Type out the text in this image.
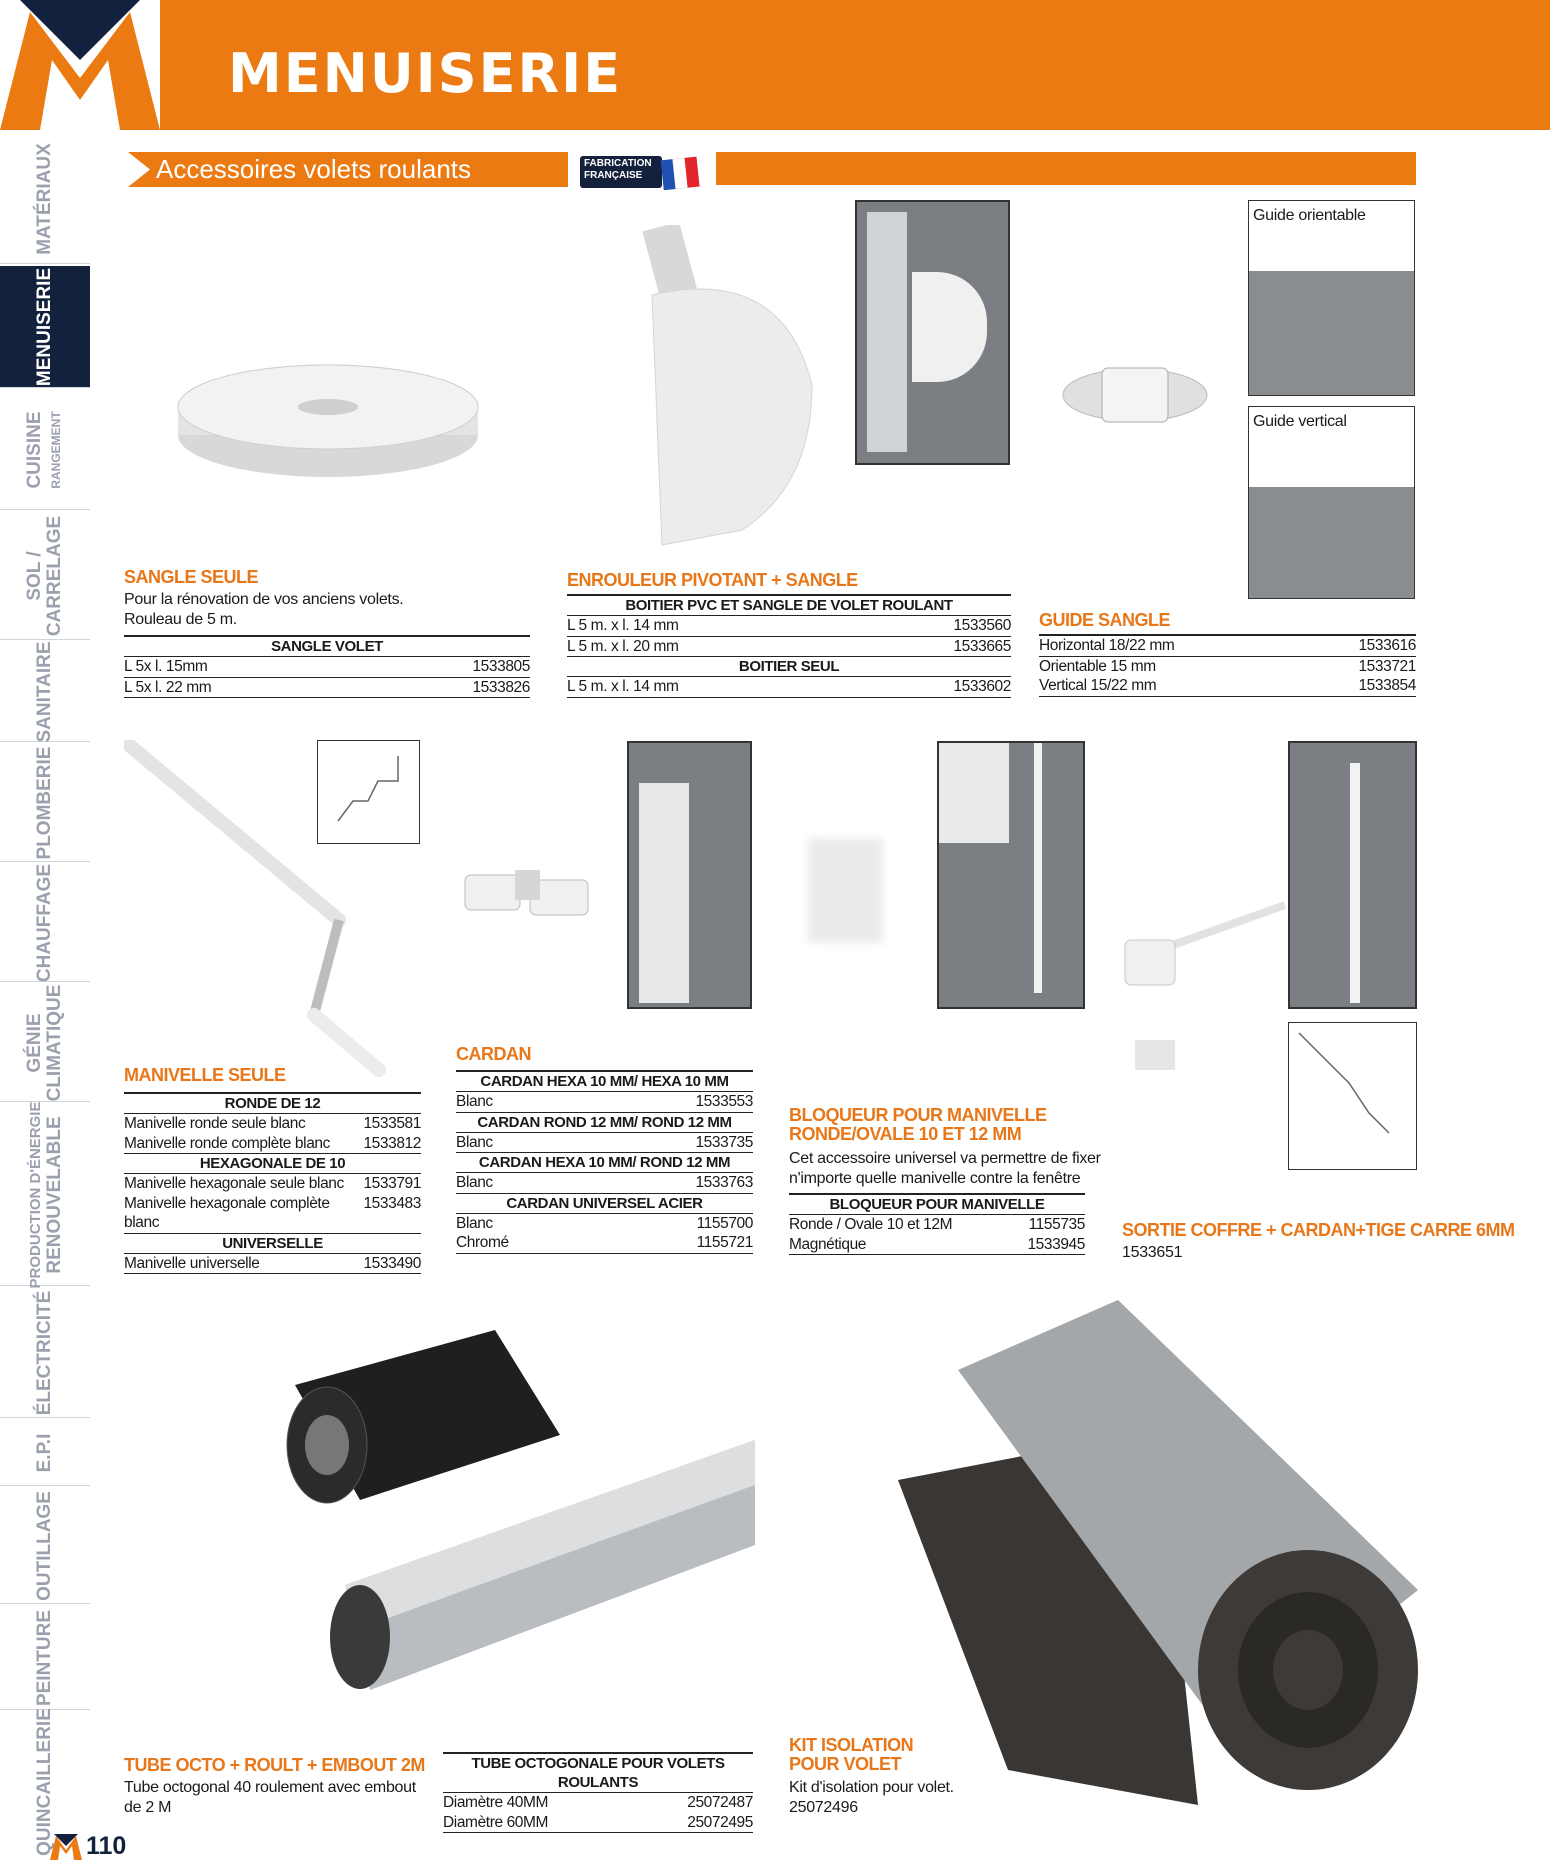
MENUISERIE
MATÉRIAUX
MENUISERIE
CUISINE RANGEMENT
SOL /
CARRELAGE
SANITAIRE
PLOMBERIE
CHAUFFAGE
GÉNIE
CLIMATIQUE
PRODUCTION D'ÉNERGIE
RENOUVELABLE
ÉLECTRICITÉ
E.P.I
OUTILLAGE
PEINTURE
QUINCAILLERIE
Accessoires volets roulants	FABRICATION
FRANÇAISE
Guide orientable
Guide vertical
SANGLE SEULE
Pour la rénovation de vos anciens volets.
Rouleau de 5 m.
SANGLE VOLET
L 5x l. 15mm	1533805
L 5x l. 22 mm	1533826
ENROULEUR PIVOTANT + SANGLE
BOITIER PVC ET SANGLE DE VOLET ROULANT
L 5 m. x l. 14 mm	1533560
L 5 m. x l. 20 mm	1533665
BOITIER SEUL
L 5 m. x l. 14 mm	1533602
GUIDE SANGLE
Horizontal 18/22 mm	1533616
Orientable 15 mm	1533721
Vertical 15/22 mm	1533854
MANIVELLE SEULE
RONDE DE 12
Manivelle ronde seule blanc	1533581
Manivelle ronde complète blanc 1533812
HEXAGONALE DE 10
Manivelle hexagonale seule blanc 1533791
Manivelle hexagonale complète blanc
1533483
UNIVERSELLE
Manivelle universelle	1533490
CARDAN
CARDAN HEXA 10 MM/ HEXA 10 MM
Blanc	1533553
CARDAN ROND 12 MM/ ROND 12 MM
Blanc	1533735
CARDAN HEXA 10 MM/ ROND 12 MM
Blanc	1533763
CARDAN UNIVERSEL ACIER
Blanc	1155700
Chromé	1155721
BLOQUEUR POUR MANIVELLE
RONDE/OVALE 10 ET 12 MM
Cet accessoire universel va permettre de fixer
n'importe quelle manivelle contre la fenêtre
BLOQUEUR POUR MANIVELLE
Ronde / Ovale 10 et 12M	1155735
Magnétique	1533945
SORTIE COFFRE + CARDAN+TIGE CARRE 6MM
1533651
TUBE OCTO + ROULT + EMBOUT 2M
Tube octogonal 40 roulement avec embout
de 2 M
TUBE OCTOGONALE POUR VOLETS ROULANTS
Diamètre 40MM	25072487
Diamètre 60MM	25072495
KIT ISOLATION
POUR VOLET
Kit d'isolation pour volet.
25072496
110
